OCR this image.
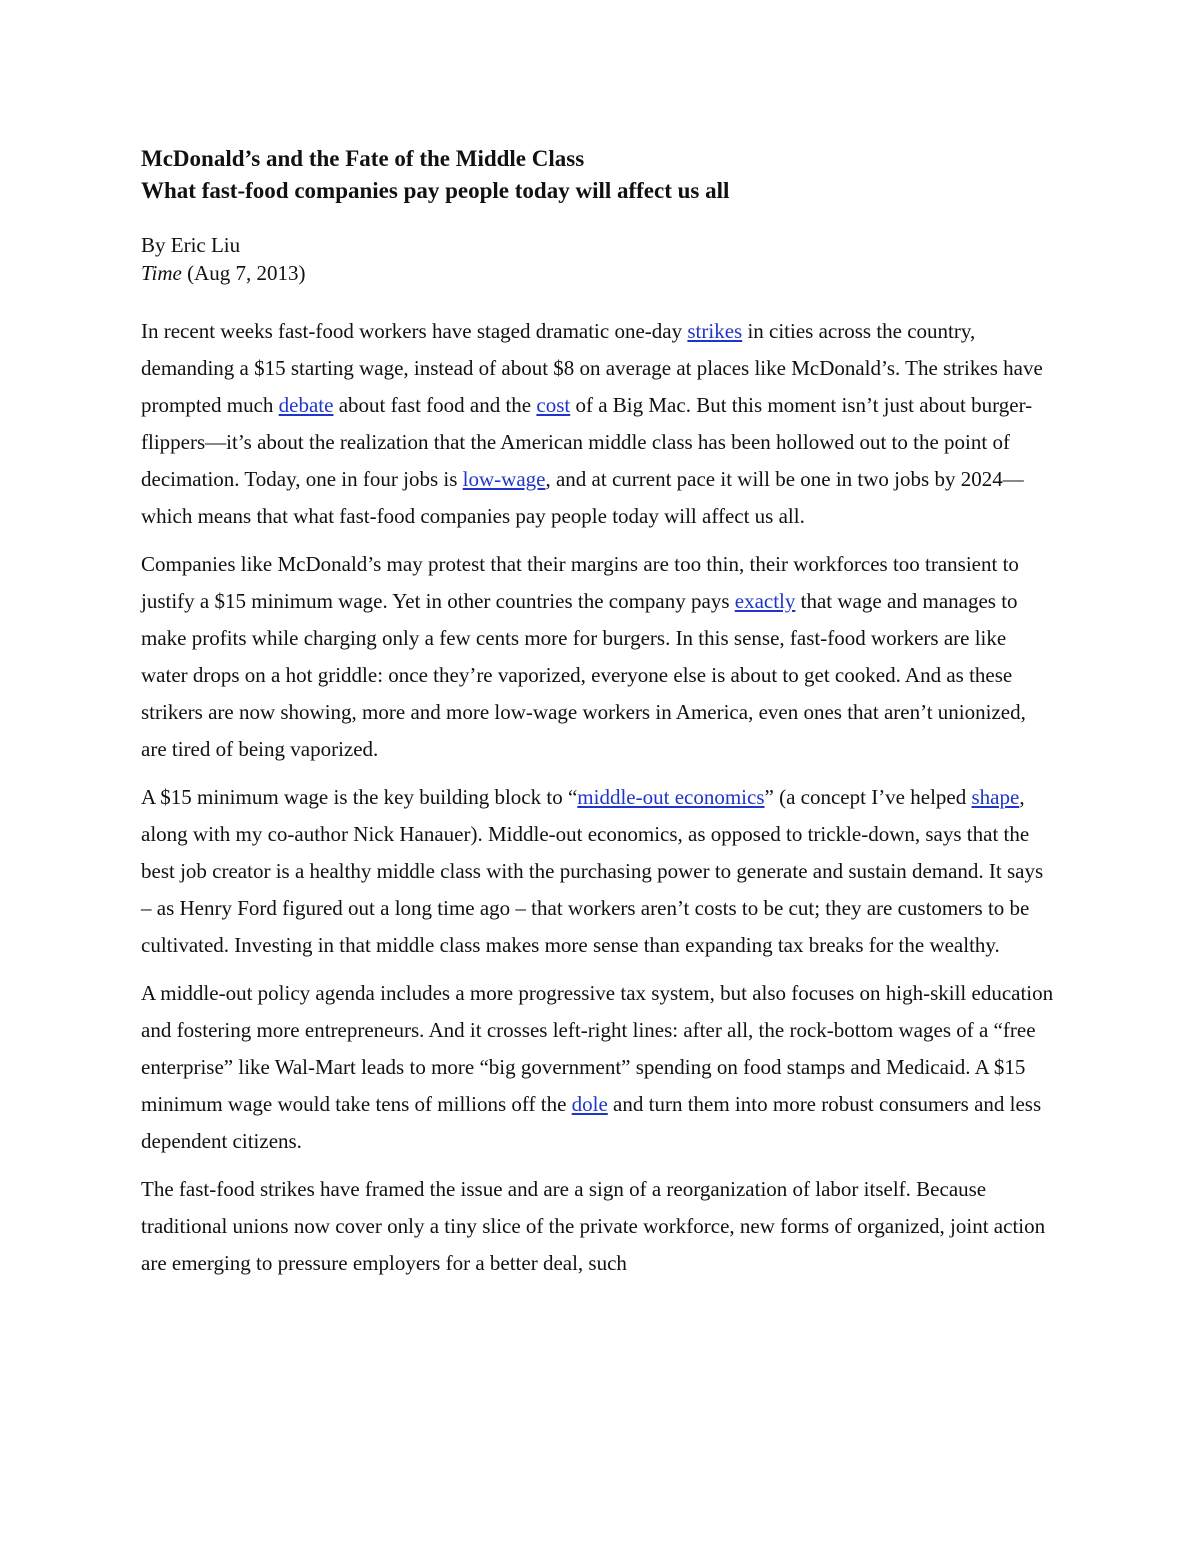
McDonald’s and the Fate of the Middle Class
What fast-food companies pay people today will affect us all
By Eric Liu
Time (Aug 7, 2013)

In recent weeks fast-food workers have staged dramatic one-day strikes in cities across the country, demanding a $15 starting wage, instead of about $8 on average at places like McDonald’s. The strikes have prompted much debate about fast food and the cost of a Big Mac. But this moment isn’t just about burger-flippers—it’s about the realization that the American middle class has been hollowed out to the point of decimation. Today, one in four jobs is low-wage, and at current pace it will be one in two jobs by 2024—which means that what fast-food companies pay people today will affect us all.

Companies like McDonald’s may protest that their margins are too thin, their workforces too transient to justify a $15 minimum wage. Yet in other countries the company pays exactly that wage and manages to make profits while charging only a few cents more for burgers. In this sense, fast-food workers are like water drops on a hot griddle: once they’re vaporized, everyone else is about to get cooked. And as these strikers are now showing, more and more low-wage workers in America, even ones that aren’t unionized, are tired of being vaporized.

A $15 minimum wage is the key building block to “middle-out economics” (a concept I’ve helped shape, along with my co-author Nick Hanauer). Middle-out economics, as opposed to trickle-down, says that the best job creator is a healthy middle class with the purchasing power to generate and sustain demand. It says – as Henry Ford figured out a long time ago – that workers aren’t costs to be cut; they are customers to be cultivated. Investing in that middle class makes more sense than expanding tax breaks for the wealthy.

A middle-out policy agenda includes a more progressive tax system, but also focuses on high-skill education and fostering more entrepreneurs. And it crosses left-right lines: after all, the rock-bottom wages of a “free enterprise” like Wal-Mart leads to more “big government” spending on food stamps and Medicaid. A $15 minimum wage would take tens of millions off the dole and turn them into more robust consumers and less dependent citizens.

The fast-food strikes have framed the issue and are a sign of a reorganization of labor itself. Because traditional unions now cover only a tiny slice of the private workforce, new forms of organized, joint action are emerging to pressure employers for a better deal, such
